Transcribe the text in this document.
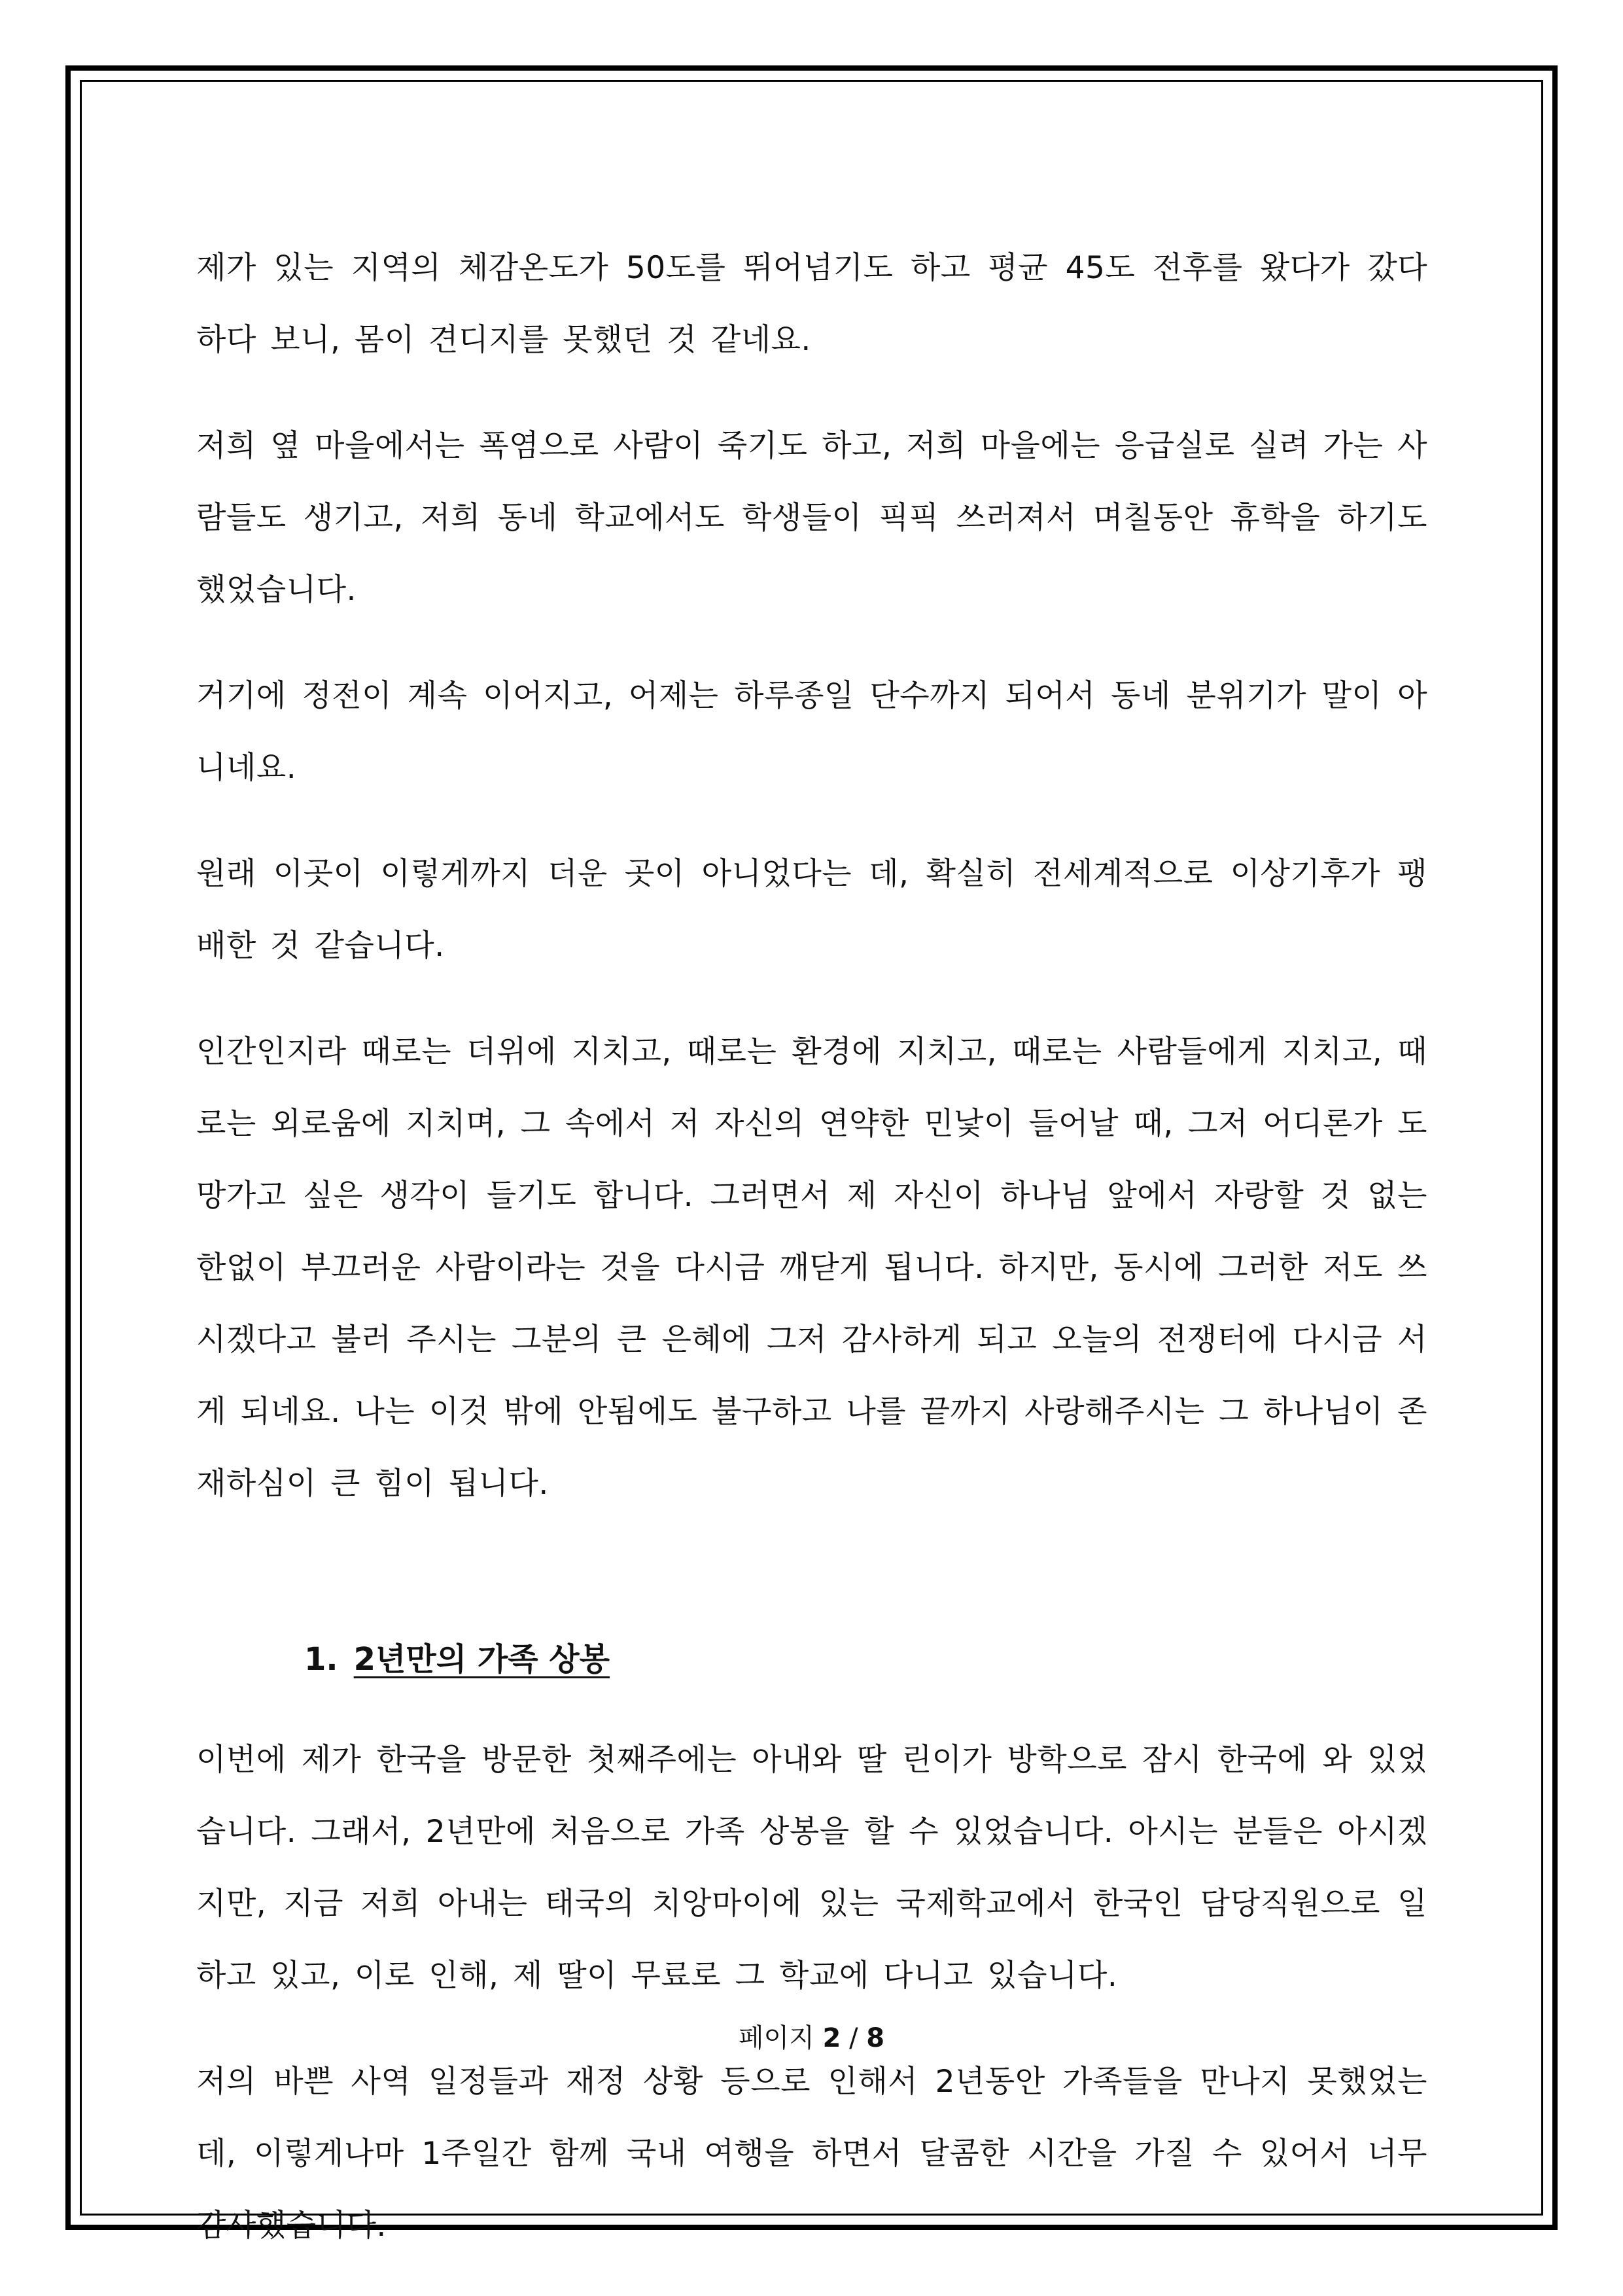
제가 있는 지역의 체감온도가 50도를 뛰어넘기도 하고 평균 45도 전후를 왔다가 갔다 하다 보니, 몸이 견디지를 못했던 것 같네요.

저희 옆 마을에서는 폭염으로 사람이 죽기도 하고, 저희 마을에는 응급실로 실려 가는 사람들도 생기고, 저희 동네 학교에서도 학생들이 픽픽 쓰러져서 며칠동안 휴학을 하기도 했었습니다.

거기에 정전이 계속 이어지고, 어제는 하루종일 단수까지 되어서 동네 분위기가 말이 아니네요.

원래 이곳이 이렇게까지 더운 곳이 아니었다는 데, 확실히 전세계적으로 이상기후가 팽배한 것 같습니다.

인간인지라 때로는 더위에 지치고, 때로는 환경에 지치고, 때로는 사람들에게 지치고, 때로는 외로움에 지치며, 그 속에서 저 자신의 연약한 민낯이 들어날 때, 그저 어디론가 도망가고 싶은 생각이 들기도 합니다. 그러면서 제 자신이 하나님 앞에서 자랑할 것 없는 한없이 부끄러운 사람이라는 것을 다시금 깨닫게 됩니다. 하지만, 동시에 그러한 저도 쓰시겠다고 불러 주시는 그분의 큰 은혜에 그저 감사하게 되고 오늘의 전쟁터에 다시금 서게 되네요. 나는 이것 밖에 안됨에도 불구하고 나를 끝까지 사랑해주시는 그 하나님이 존재하심이 큰 힘이 됩니다.

1. 2년만의 가족 상봉

이번에 제가 한국을 방문한 첫째주에는 아내와 딸 린이가 방학으로 잠시 한국에 와 있었습니다. 그래서, 2년만에 처음으로 가족 상봉을 할 수 있었습니다. 아시는 분들은 아시겠지만, 지금 저희 아내는 태국의 치앙마이에 있는 국제학교에서 한국인 담당직원으로 일하고 있고, 이로 인해, 제 딸이 무료로 그 학교에 다니고 있습니다.

저의 바쁜 사역 일정들과 재정 상황 등으로 인해서 2년동안 가족들을 만나지 못했었는 데, 이렇게나마 1주일간 함께 국내 여행을 하면서 달콤한 시간을 가질 수 있어서 너무 감사했습니다.

페이지 2 / 8
